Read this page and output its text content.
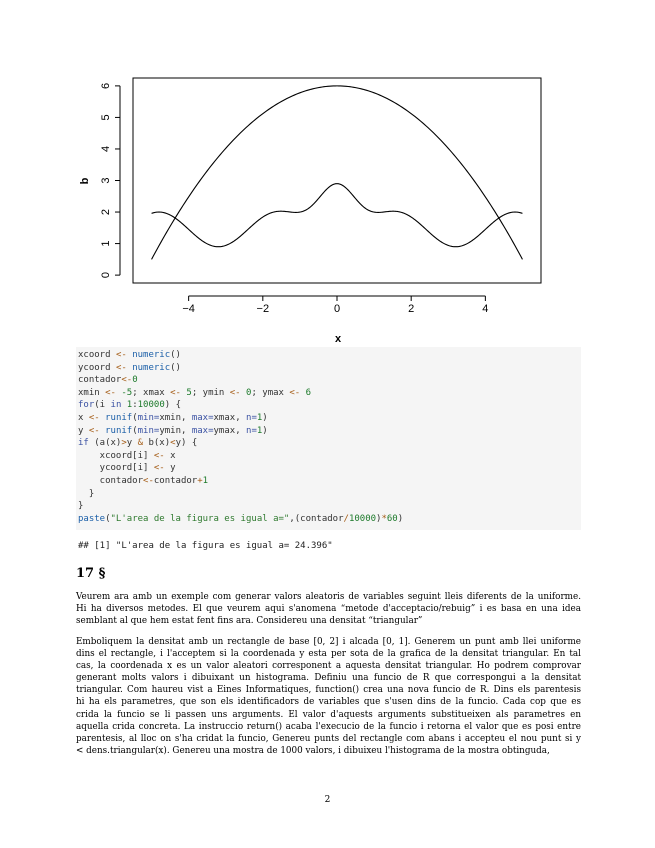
−4	−2	0	2	4
0
1
2
3
4
5
6
x
b
xcoord <- numeric()
ycoord <- numeric()
contador<-0
xmin <- -5; xmax <- 5; ymin <- 0; ymax <- 6
for(i in 1:10000) {
x <- runif(min=xmin, max=xmax, n=1)
y <- runif(min=ymin, max=ymax, n=1)
if (a(x)>y & b(x)<y) {
xcoord[i] <- x
ycoord[i] <- y
contador<-contador+1
}
}
paste("L'area de la figura es igual a=",(contador/10000)*60)
## [1] "L'area de la figura es igual a= 24.396"
17 §
Veurem ara amb un exemple com generar valors aleatoris de variables seguint lleis diferents de la uniforme.
Hi ha diversos metodes. El que veurem aqui s'anomena “metode d'acceptacio/rebuig” i es basa en una idea
semblant al que hem estat fent fins ara. Considereu una densitat “triangular”
Emboliquem la densitat amb un rectangle de base [0, 2] i alcada [0, 1]. Generem un punt amb llei uniforme
dins el rectangle, i l'acceptem si la coordenada y esta per sota de la grafica de la densitat triangular. En tal
cas, la coordenada x es un valor aleatori corresponent a aquesta densitat triangular. Ho podrem comprovar
generant molts valors i dibuixant un histograma. Definiu una funcio de R que correspongui a la densitat
triangular. Com haureu vist a Eines Informatiques, function() crea una nova funcio de R. Dins els parentesis
hi ha els parametres, que son els identificadors de variables que s'usen dins de la funcio. Cada cop que es
crida la funcio se li passen uns arguments. El valor d'aquests arguments substitueixen als parametres en
aquella crida concreta. La instruccio return() acaba l'execucio de la funcio i retorna el valor que es posi entre
parentesis, al lloc on s'ha cridat la funcio, Genereu punts del rectangle com abans i accepteu el nou punt si y
< dens.triangular(x). Genereu una mostra de 1000 valors, i dibuixeu l'histograma de la mostra obtinguda,
2
